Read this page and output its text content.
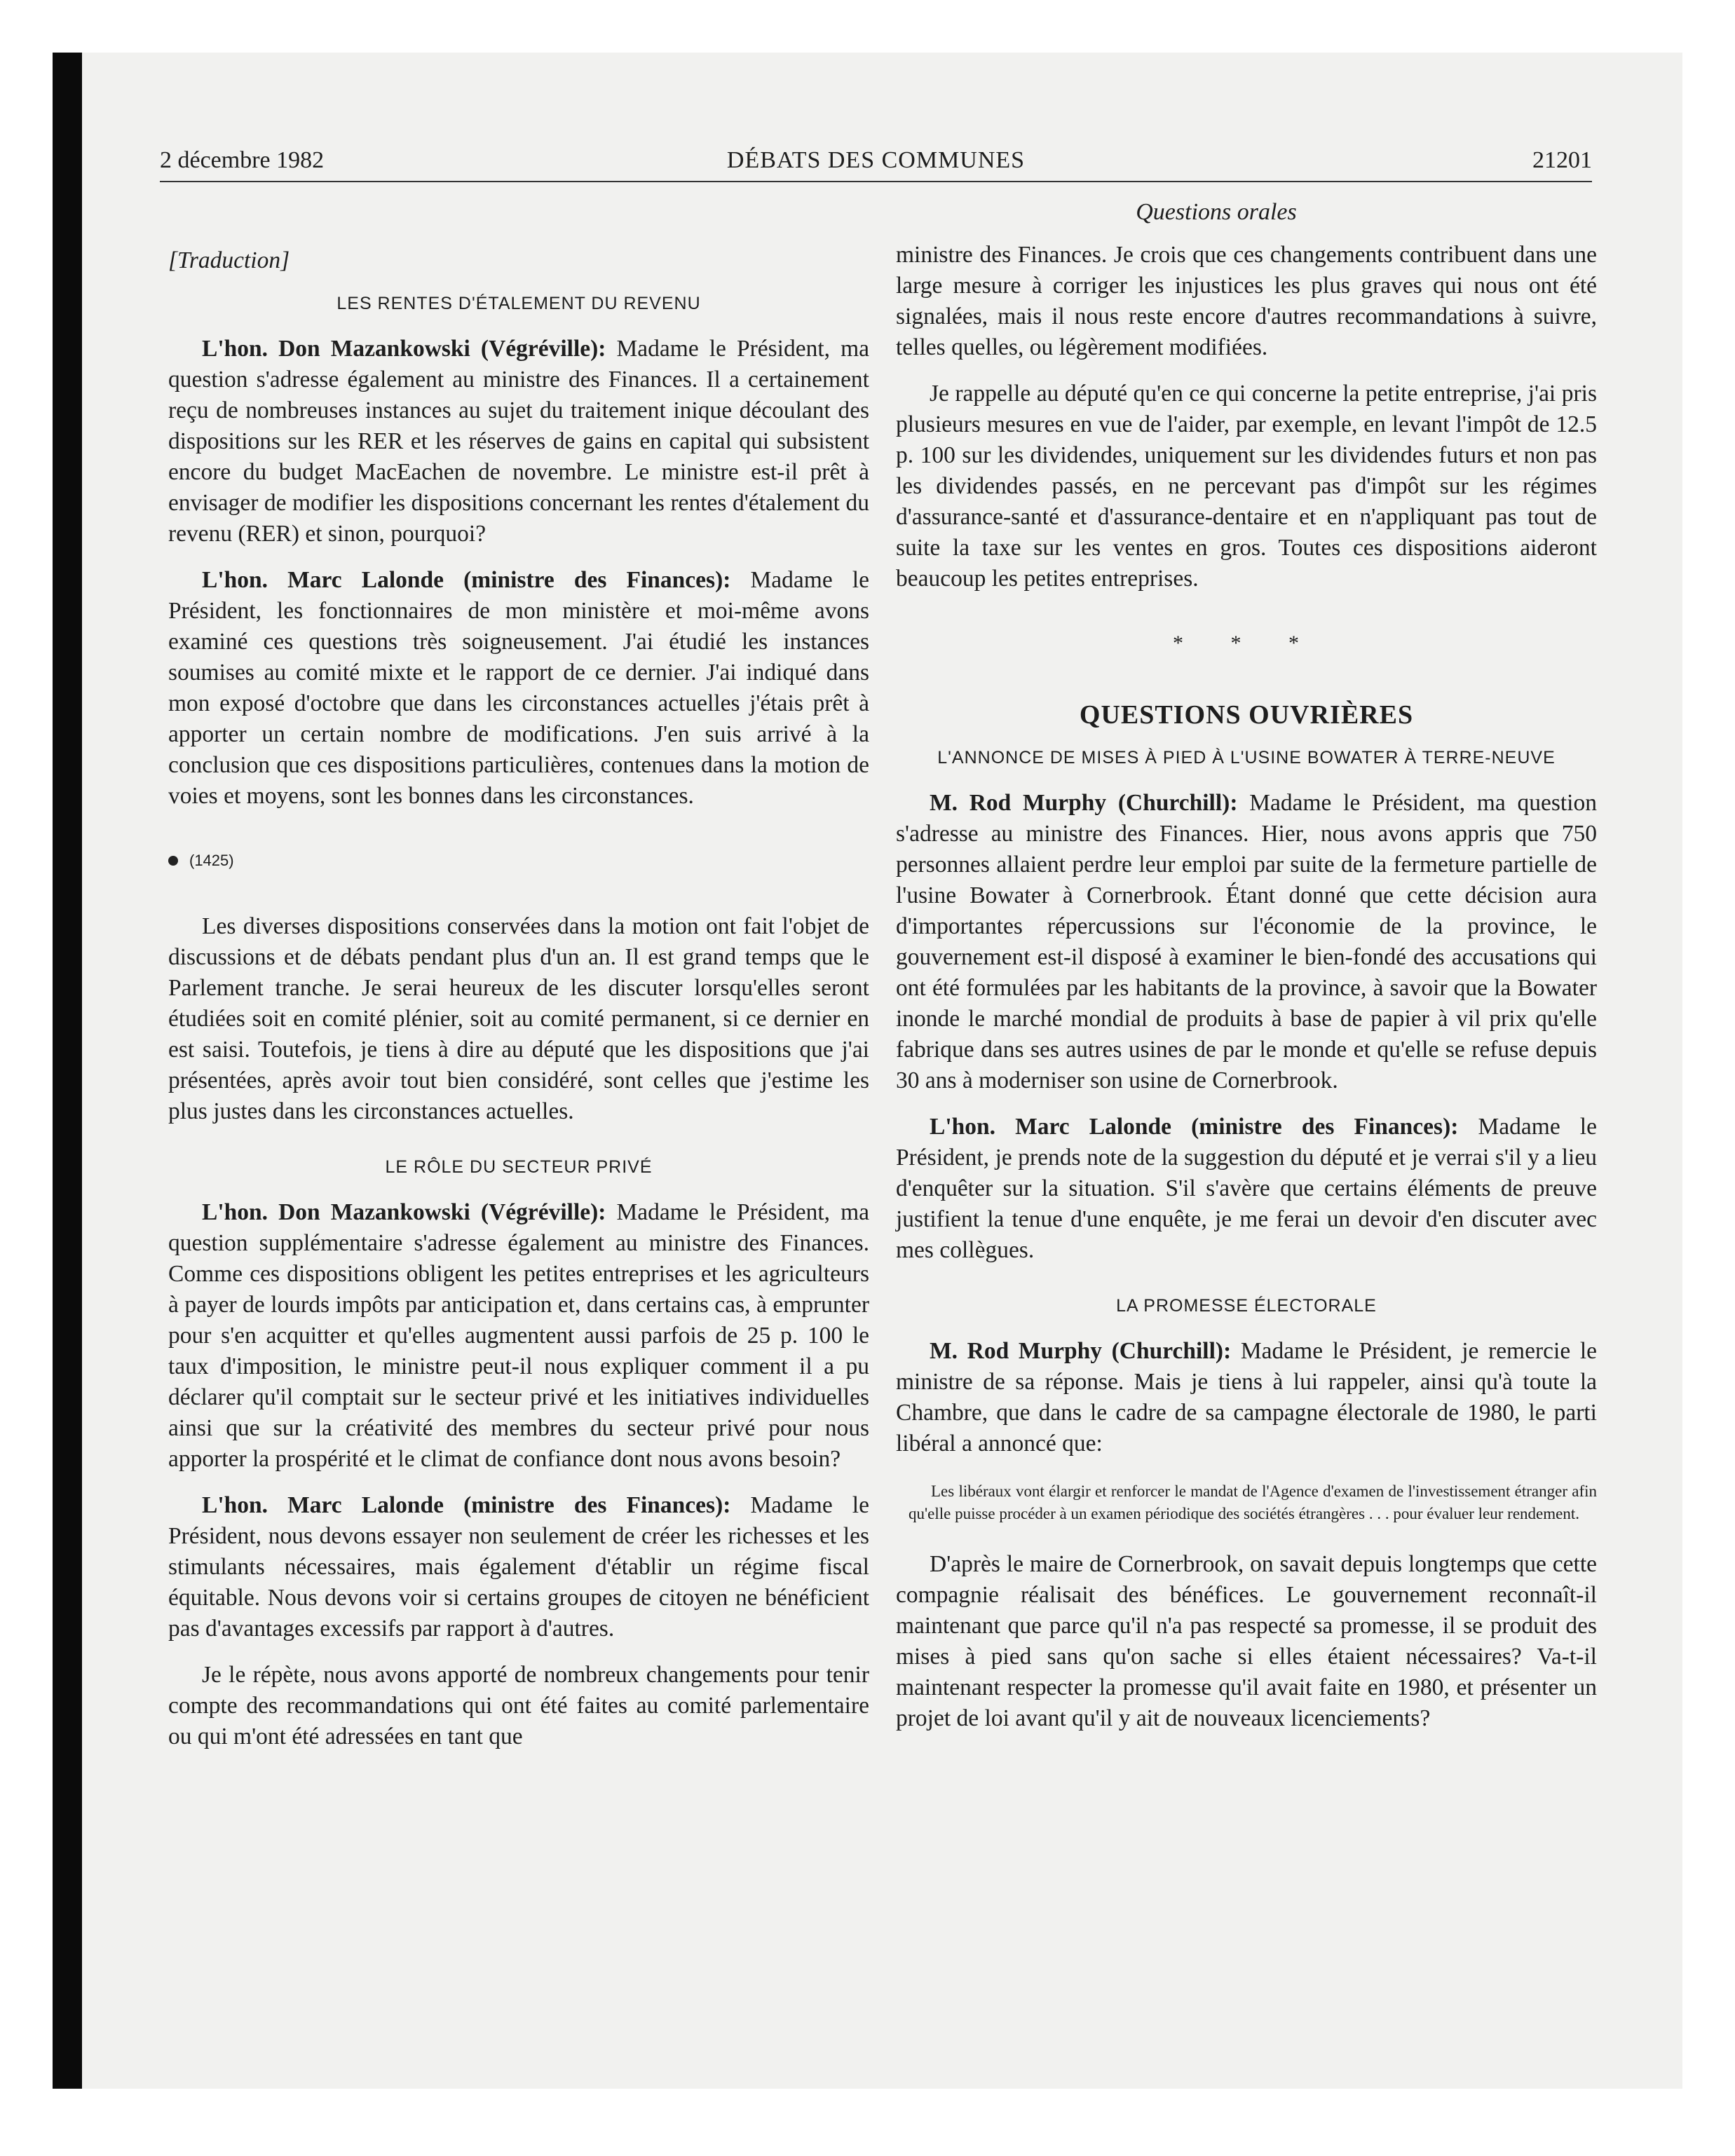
2 décembre 1982	DÉBATS DES COMMUNES	21201
Questions orales

[Traduction]

LES RENTES D'ÉTALEMENT DU REVENU

L'hon. Don Mazankowski (Végréville): Madame le Président, ma question s'adresse également au ministre des Finances. Il a certainement reçu de nombreuses instances au sujet du traitement inique découlant des dispositions sur les RER et les réserves de gains en capital qui subsistent encore du budget MacEachen de novembre. Le ministre est-il prêt à envisager de modifier les dispositions concernant les rentes d'étalement du revenu (RER) et sinon, pourquoi?

L'hon. Marc Lalonde (ministre des Finances): Madame le Président, les fonctionnaires de mon ministère et moi-même avons examiné ces questions très soigneusement. J'ai étudié les instances soumises au comité mixte et le rapport de ce dernier. J'ai indiqué dans mon exposé d'octobre que dans les circonstances actuelles j'étais prêt à apporter un certain nombre de modifications. J'en suis arrivé à la conclusion que ces dispositions particulières, contenues dans la motion de voies et moyens, sont les bonnes dans les circonstances.

(1425)

Les diverses dispositions conservées dans la motion ont fait l'objet de discussions et de débats pendant plus d'un an. Il est grand temps que le Parlement tranche. Je serai heureux de les discuter lorsqu'elles seront étudiées soit en comité plénier, soit au comité permanent, si ce dernier en est saisi. Toutefois, je tiens à dire au député que les dispositions que j'ai présentées, après avoir tout bien considéré, sont celles que j'estime les plus justes dans les circonstances actuelles.

LE RÔLE DU SECTEUR PRIVÉ

L'hon. Don Mazankowski (Végréville): Madame le Président, ma question supplémentaire s'adresse également au ministre des Finances. Comme ces dispositions obligent les petites entreprises et les agriculteurs à payer de lourds impôts par anticipation et, dans certains cas, à emprunter pour s'en acquitter et qu'elles augmentent aussi parfois de 25 p. 100 le taux d'imposition, le ministre peut-il nous expliquer comment il a pu déclarer qu'il comptait sur le secteur privé et les initiatives individuelles ainsi que sur la créativité des membres du secteur privé pour nous apporter la prospérité et le climat de confiance dont nous avons besoin?

L'hon. Marc Lalonde (ministre des Finances): Madame le Président, nous devons essayer non seulement de créer les richesses et les stimulants nécessaires, mais également d'établir un régime fiscal équitable. Nous devons voir si certains groupes de citoyen ne bénéficient pas d'avantages excessifs par rapport à d'autres.

Je le répète, nous avons apporté de nombreux changements pour tenir compte des recommandations qui ont été faites au comité parlementaire ou qui m'ont été adressées en tant que

ministre des Finances. Je crois que ces changements contribuent dans une large mesure à corriger les injustices les plus graves qui nous ont été signalées, mais il nous reste encore d'autres recommandations à suivre, telles quelles, ou légèrement modifiées.

Je rappelle au député qu'en ce qui concerne la petite entreprise, j'ai pris plusieurs mesures en vue de l'aider, par exemple, en levant l'impôt de 12.5 p. 100 sur les dividendes, uniquement sur les dividendes futurs et non pas les dividendes passés, en ne percevant pas d'impôt sur les régimes d'assurance-santé et d'assurance-dentaire et en n'appliquant pas tout de suite la taxe sur les ventes en gros. Toutes ces dispositions aideront beaucoup les petites entreprises.

* * *
QUESTIONS OUVRIÈRES
L'ANNONCE DE MISES À PIED À L'USINE BOWATER À TERRE-NEUVE

M. Rod Murphy (Churchill): Madame le Président, ma question s'adresse au ministre des Finances. Hier, nous avons appris que 750 personnes allaient perdre leur emploi par suite de la fermeture partielle de l'usine Bowater à Cornerbrook. Étant donné que cette décision aura d'importantes répercussions sur l'économie de la province, le gouvernement est-il disposé à examiner le bien-fondé des accusations qui ont été formulées par les habitants de la province, à savoir que la Bowater inonde le marché mondial de produits à base de papier à vil prix qu'elle fabrique dans ses autres usines de par le monde et qu'elle se refuse depuis 30 ans à moderniser son usine de Cornerbrook.

L'hon. Marc Lalonde (ministre des Finances): Madame le Président, je prends note de la suggestion du député et je verrai s'il y a lieu d'enquêter sur la situation. S'il s'avère que certains éléments de preuve justifient la tenue d'une enquête, je me ferai un devoir d'en discuter avec mes collègues.

LA PROMESSE ÉLECTORALE

M. Rod Murphy (Churchill): Madame le Président, je remercie le ministre de sa réponse. Mais je tiens à lui rappeler, ainsi qu'à toute la Chambre, que dans le cadre de sa campagne électorale de 1980, le parti libéral a annoncé que:

Les libéraux vont élargir et renforcer le mandat de l'Agence d'examen de l'investissement étranger afin qu'elle puisse procéder à un examen périodique des sociétés étrangères . . . pour évaluer leur rendement.

D'après le maire de Cornerbrook, on savait depuis longtemps que cette compagnie réalisait des bénéfices. Le gouvernement reconnaît-il maintenant que parce qu'il n'a pas respecté sa promesse, il se produit des mises à pied sans qu'on sache si elles étaient nécessaires? Va-t-il maintenant respecter la promesse qu'il avait faite en 1980, et présenter un projet de loi avant qu'il y ait de nouveaux licenciements?
